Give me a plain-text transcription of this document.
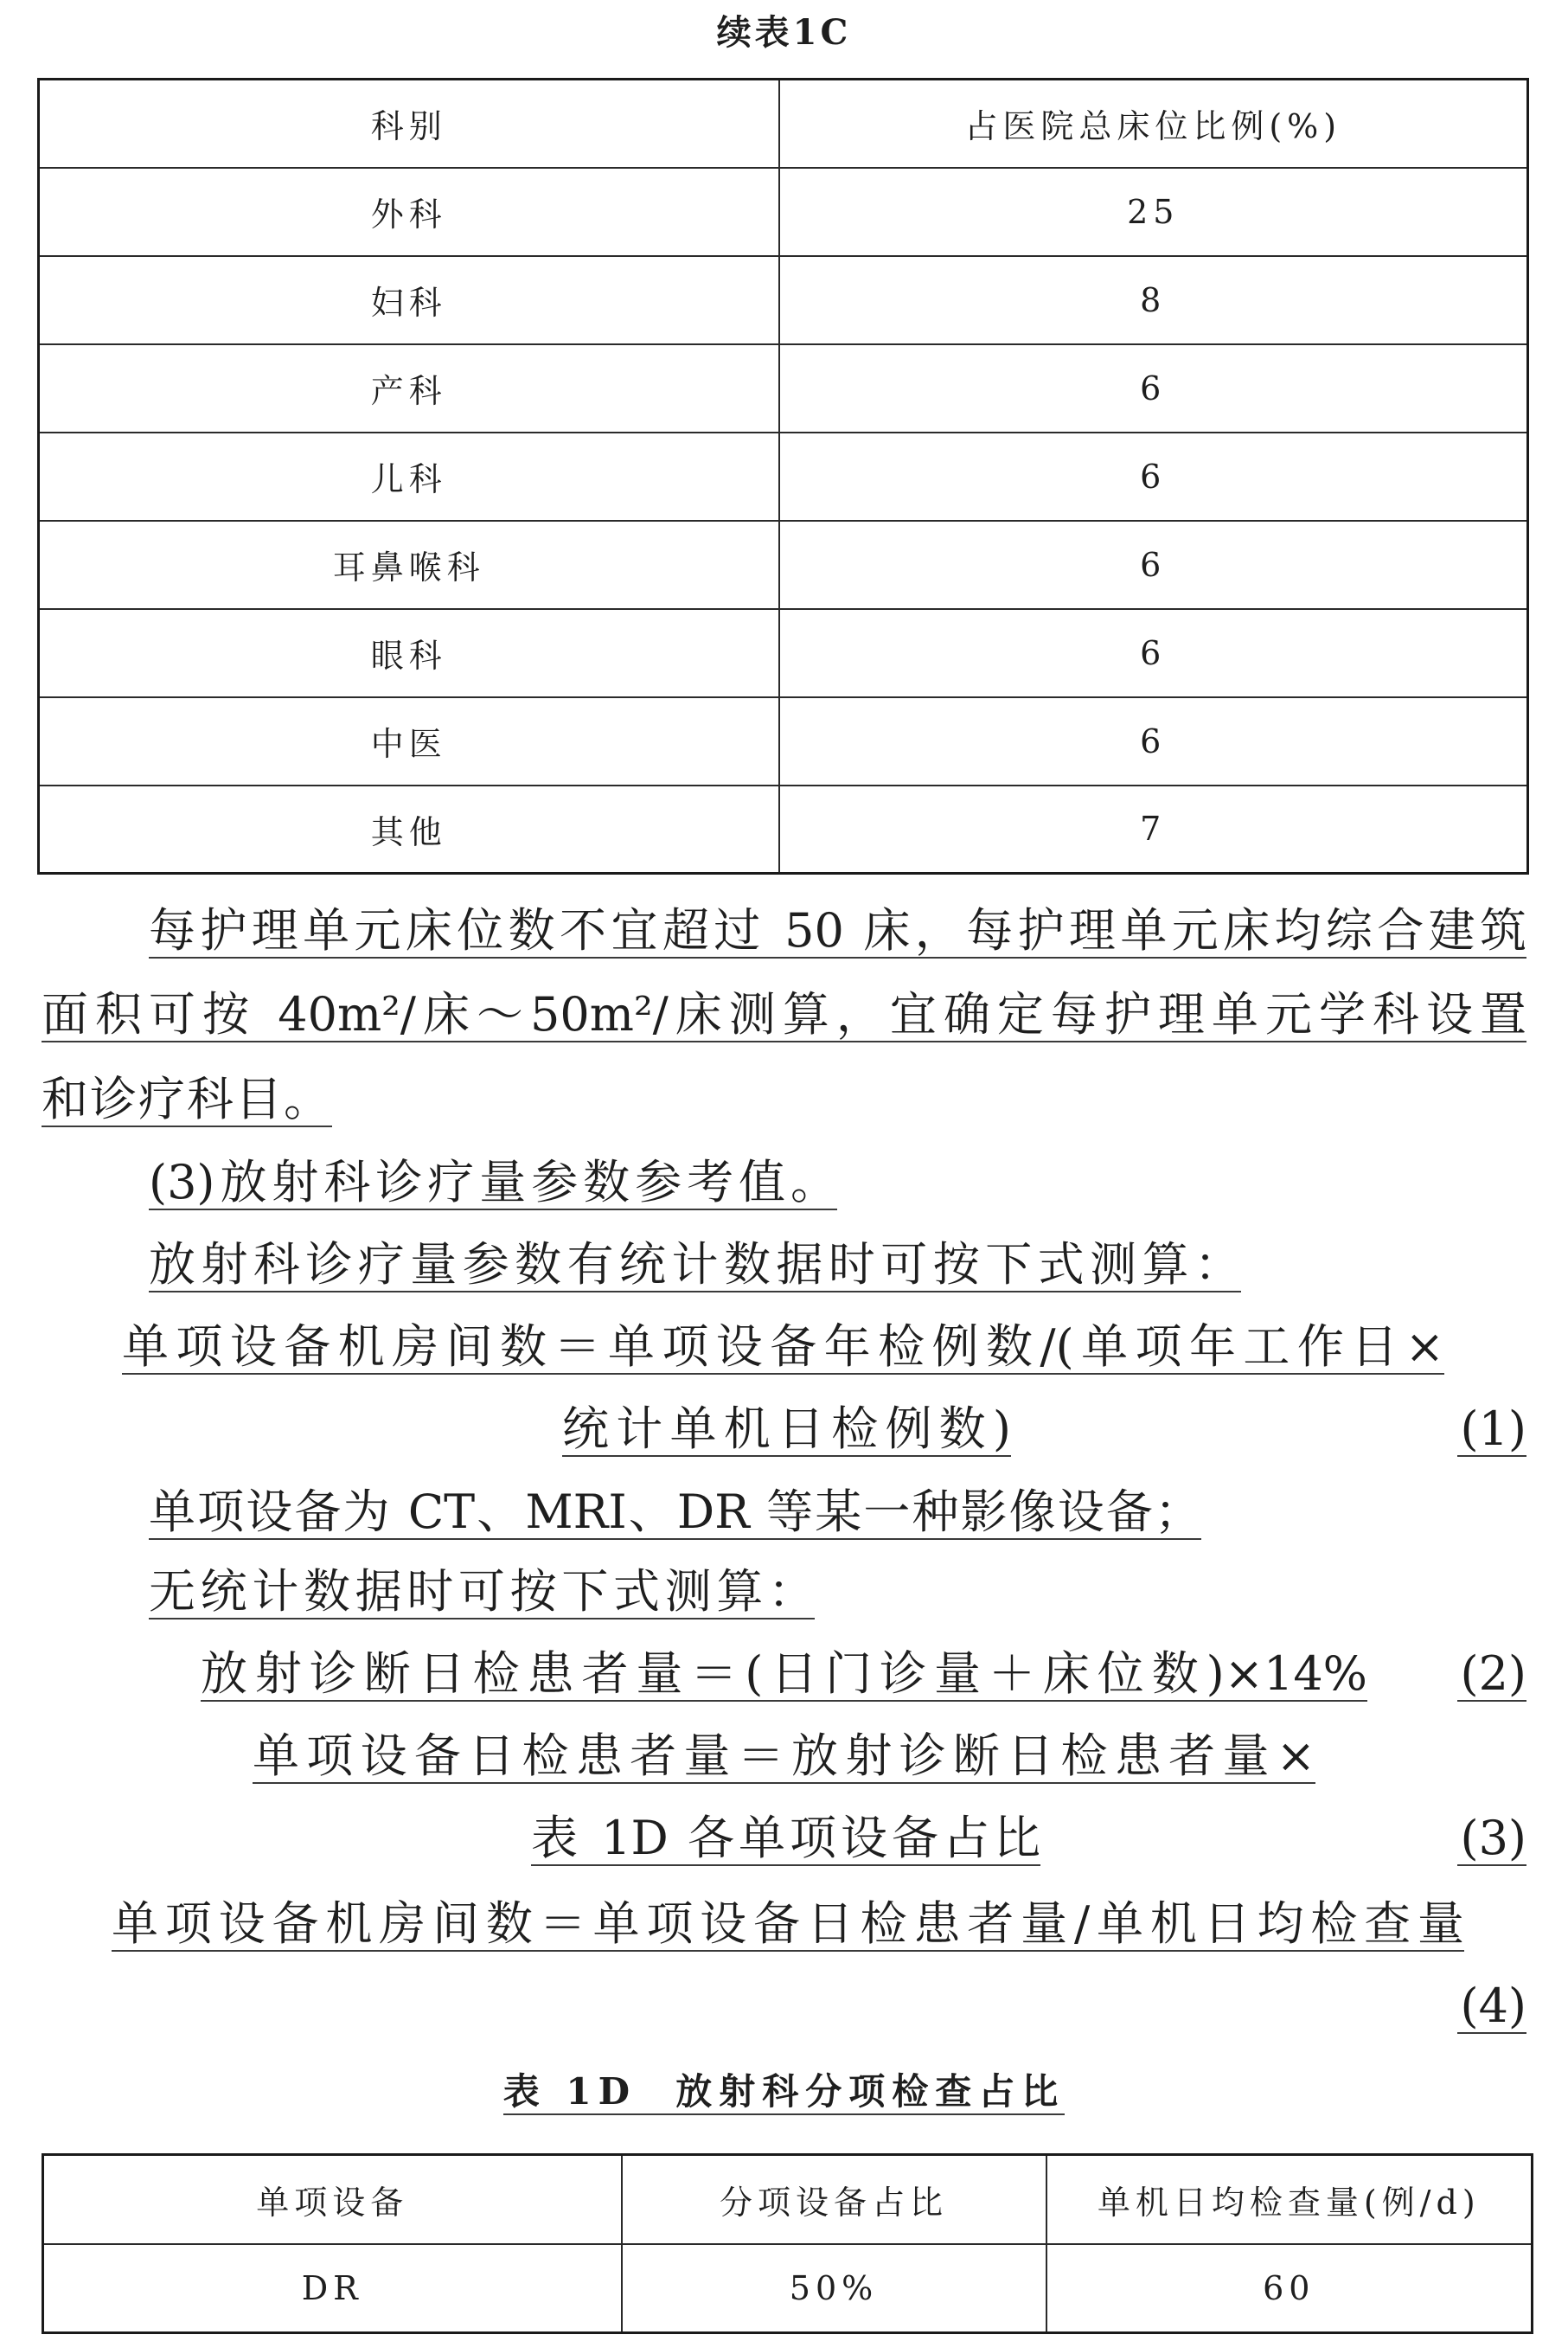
续表1C
科别	占医院总床位比例(%)
外科	25
妇科	8
产科	6
儿科	6
耳鼻喉科	6
眼科	6
中医	6
其他	7
每护理单元床位数不宜超过 50 床，每护理单元床均综合建筑
面积可按 40m²/床～50m²/床测算，宜确定每护理单元学科设置
和诊疗科目。
(3)放射科诊疗量参数参考值。
放射科诊疗量参数有统计数据时可按下式测算：
单项设备机房间数＝单项设备年检例数/(单项年工作日×
统计单机日检例数)	(1)
单项设备为 CT、MRI、DR 等某一种影像设备；
无统计数据时可按下式测算：
放射诊断日检患者量＝(日门诊量＋床位数)×14% (2)
单项设备日检患者量＝放射诊断日检患者量×
表 1D 各单项设备占比	(3)
单项设备机房间数＝单项设备日检患者量/单机日均检查量
(4)
表 1D  放射科分项检查占比
单项设备	分项设备占比	单机日均检查量(例/d)
DR	50%	60
